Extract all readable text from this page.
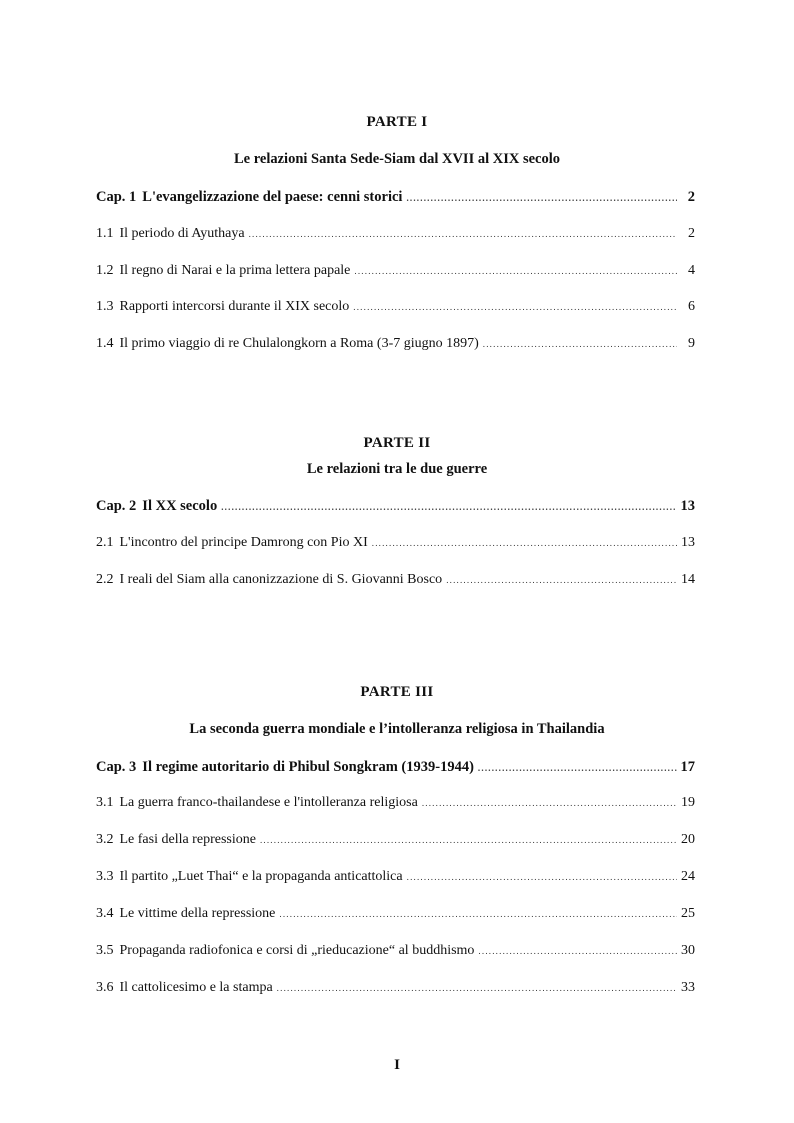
PARTE I
Le relazioni Santa Sede-Siam dal XVII al XIX secolo
Cap. 1 L'evangelizzazione del paese: cenni storici .....	2
1.1 Il periodo di Ayuthaya .....	2
1.2 Il regno di Narai e la prima lettera papale .....	4
1.3 Rapporti intercorsi durante il XIX secolo .....	6
1.4 Il primo viaggio di re Chulalongkorn a Roma (3-7 giugno 1897) .....	9
PARTE II
Le relazioni tra le due guerre
Cap. 2 Il XX secolo .....	13
2.1 L'incontro del principe Damrong con Pio XI .....	13
2.2 I reali del Siam alla canonizzazione di S. Giovanni Bosco .....	14
PARTE III
La seconda guerra mondiale e l’intolleranza religiosa in Thailandia
Cap. 3 Il regime autoritario di Phibul Songkram (1939-1944) .....	17
3.1 La guerra franco-thailandese e l'intolleranza religiosa .....	19
3.2 Le fasi della repressione .....	20
3.3 Il partito „Luet Thai“ e la propaganda anticattolica .....	24
3.4 Le vittime della repressione .....	25
3.5 Propaganda radiofonica e corsi di „rieducazione“ al buddhismo .....	30
3.6 Il cattolicesimo e la stampa .....	33
I
